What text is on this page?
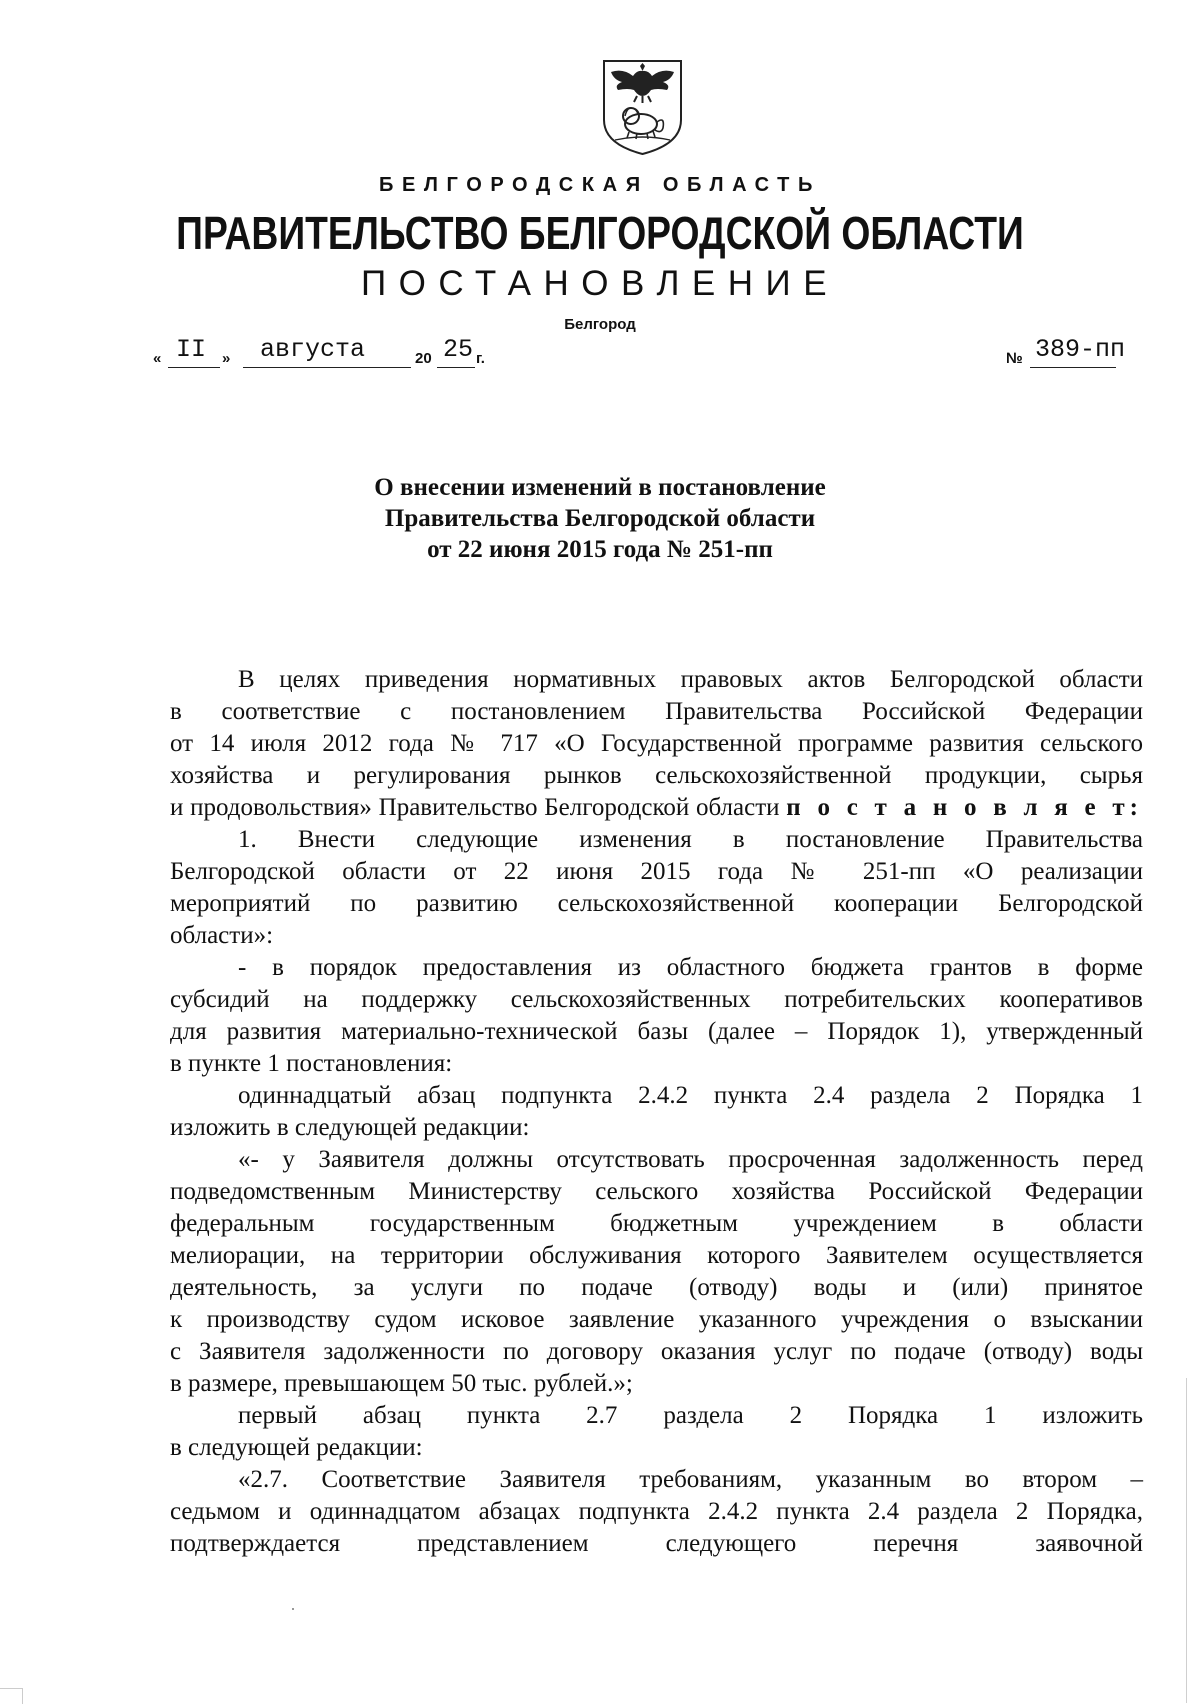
БЕЛГОРОДСКАЯ ОБЛАСТЬ
ПРАВИТЕЛЬСТВО БЕЛГОРОДСКОЙ ОБЛАСТИ
ПОСТАНОВЛЕНИЕ
Белгород
« II » августа	20 25 г.	№ 389-пп
О внесении изменений в постановление
Правительства Белгородской области
от 22 июня 2015 года № 251-пп
В целях приведения нормативных правовых актов Белгородской области
в соответствие с постановлением Правительства Российской Федерации
от 14 июля 2012 года № 717 «О Государственной программе развития сельского
хозяйства и регулирования рынков сельскохозяйственной продукции, сырья
и продовольствия» Правительство Белгородской области п о с т а н о в л я е т:
1. Внести следующие изменения в постановление Правительства
Белгородской области от 22 июня 2015 года № 251-пп «О реализации
мероприятий по развитию сельскохозяйственной кооперации Белгородской
области»:
- в порядок предоставления из областного бюджета грантов в форме
субсидий на поддержку сельскохозяйственных потребительских кооперативов
для развития материально-технической базы (далее – Порядок 1), утвержденный
в пункте 1 постановления:
одиннадцатый абзац подпункта 2.4.2 пункта 2.4 раздела 2 Порядка 1
изложить в следующей редакции:
«- у Заявителя должны отсутствовать просроченная задолженность перед
подведомственным Министерству сельского хозяйства Российской Федерации
федеральным государственным бюджетным учреждением в области
мелиорации, на территории обслуживания которого Заявителем осуществляется
деятельность, за услуги по подаче (отводу) воды и (или) принятое
к производству судом исковое заявление указанного учреждения о взыскании
с Заявителя задолженности по договору оказания услуг по подаче (отводу) воды
в размере, превышающем 50 тыс. рублей.»;
первый абзац пункта 2.7 раздела 2 Порядка 1 изложить
в следующей редакции:
«2.7. Соответствие Заявителя требованиям, указанным во втором –
седьмом и одиннадцатом абзацах подпункта 2.4.2 пункта 2.4 раздела 2 Порядка,
подтверждается представлением следующего перечня заявочной
